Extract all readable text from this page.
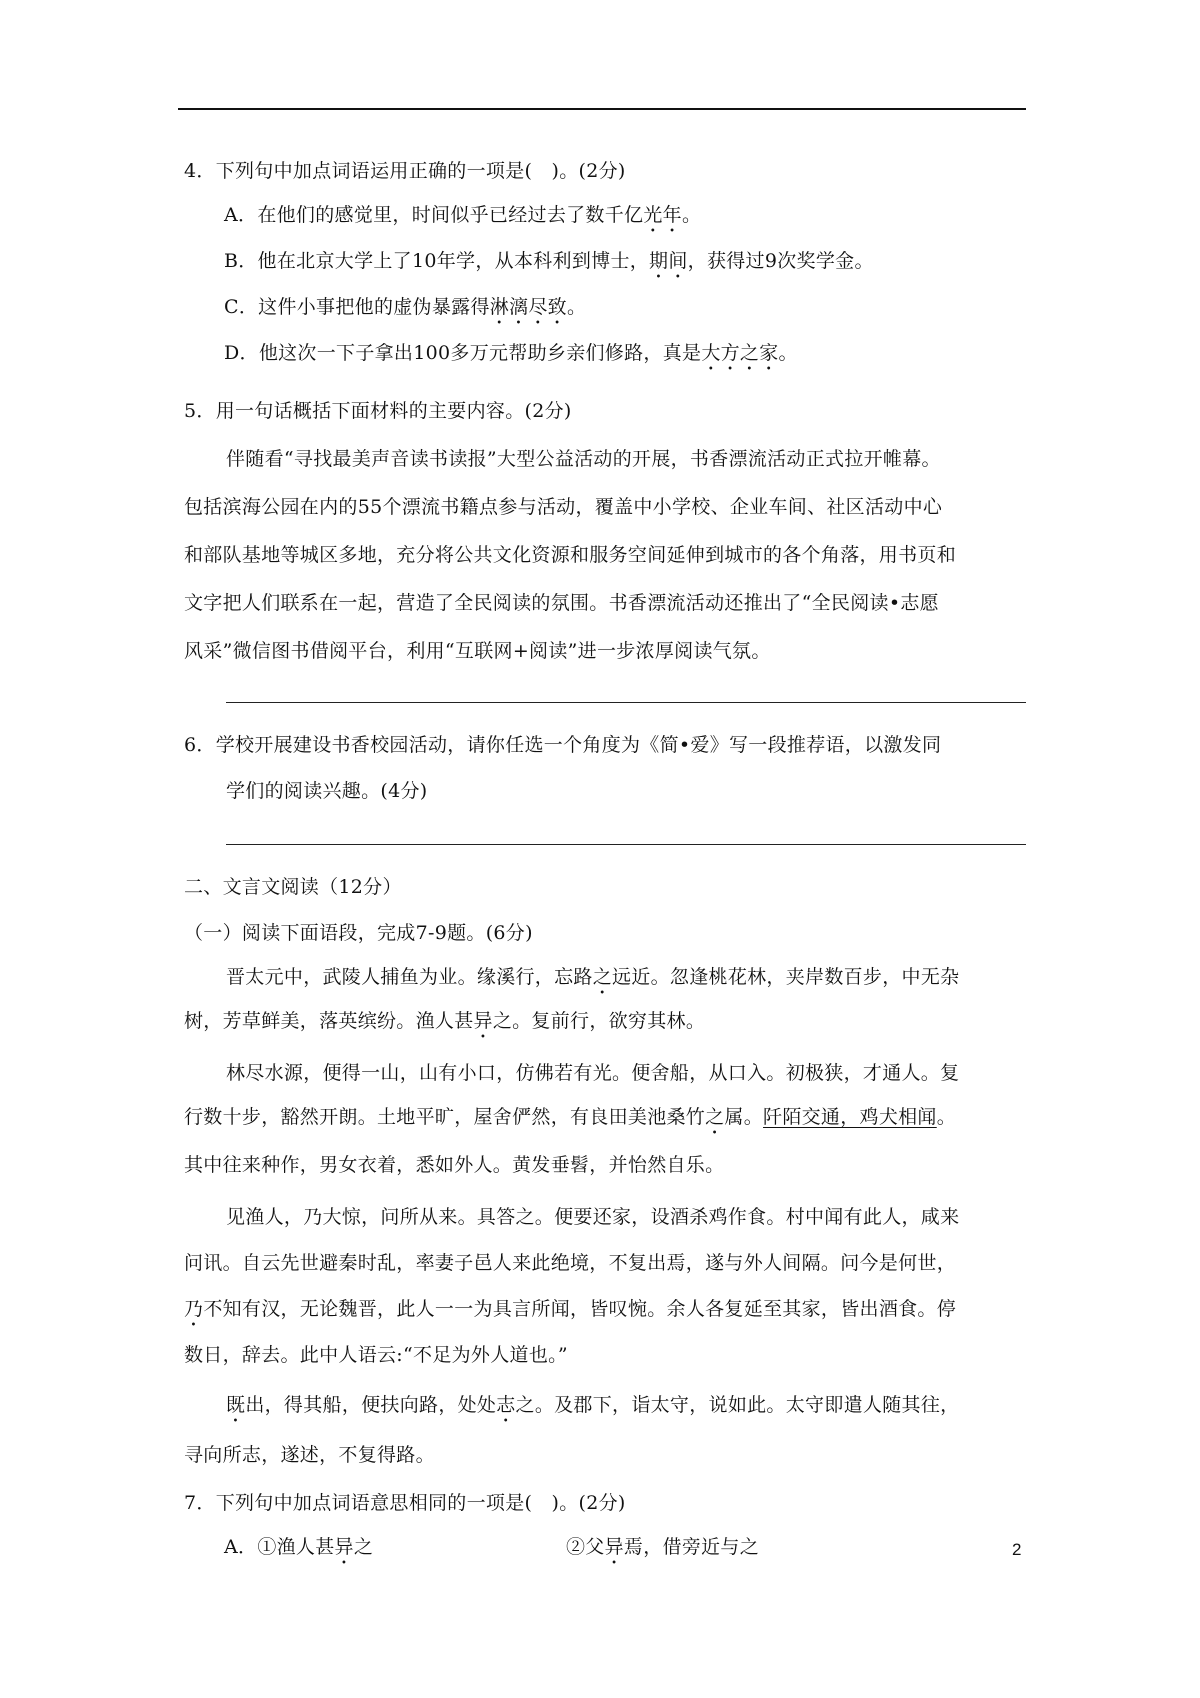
4．下列句中加点词语运用正确的一项是(　)。(2分)
A．在他们的感觉里，时间似乎已经过去了数千亿光年。
B．他在北京大学上了10年学，从本科利到博士，期间，获得过9次奖学金。
C．这件小事把他的虚伪暴露得淋漓尽致。
D．他这次一下子拿出100多万元帮助乡亲们修路，真是大方之家。
5．用一句话概括下面材料的主要内容。(2分)
伴随看“寻找最美声音读书读报”大型公益活动的开展，书香漂流活动正式拉开帷幕。
包括滨海公园在内的55个漂流书籍点参与活动，覆盖中小学校、企业车间、社区活动中心
和部队基地等城区多地，充分将公共文化资源和服务空间延伸到城市的各个角落，用书页和
文字把人们联系在一起，营造了全民阅读的氛围。书香漂流活动还推出了“全民阅读•志愿
风采”微信图书借阅平台，利用“互联网+阅读”进一步浓厚阅读气氛。
6．学校开展建设书香校园活动，请你任选一个角度为《简•爱》写一段推荐语，以激发同
学们的阅读兴趣。(4分)
二、文言文阅读（12分）
（一）阅读下面语段，完成7-9题。(6分)
晋太元中，武陵人捕鱼为业。缘溪行，忘路之远近。忽逢桃花林，夹岸数百步，中无杂
树，芳草鲜美，落英缤纷。渔人甚异之。复前行，欲穷其林。
林尽水源，便得一山，山有小口，仿佛若有光。便舍船，从口入。初极狭，才通人。复
行数十步，豁然开朗。土地平旷，屋舍俨然，有良田美池桑竹之属。阡陌交通，鸡犬相闻。
其中往来种作，男女衣着，悉如外人。黄发垂髫，并怡然自乐。
见渔人，乃大惊，问所从来。具答之。便要还家，设酒杀鸡作食。村中闻有此人，咸来
问讯。自云先世避秦时乱，率妻子邑人来此绝境，不复出焉，遂与外人间隔。问今是何世，
乃不知有汉，无论魏晋，此人一一为具言所闻，皆叹惋。余人各复延至其家，皆出酒食。停
数日，辞去。此中人语云:“不足为外人道也。”
既出，得其船，便扶向路，处处志之。及郡下，诣太守，说如此。太守即遣人随其往，
寻向所志，遂述，不复得路。
7．下列句中加点词语意思相同的一项是(　)。(2分)
A．①渔人甚异之	②父异焉，借旁近与之	2
